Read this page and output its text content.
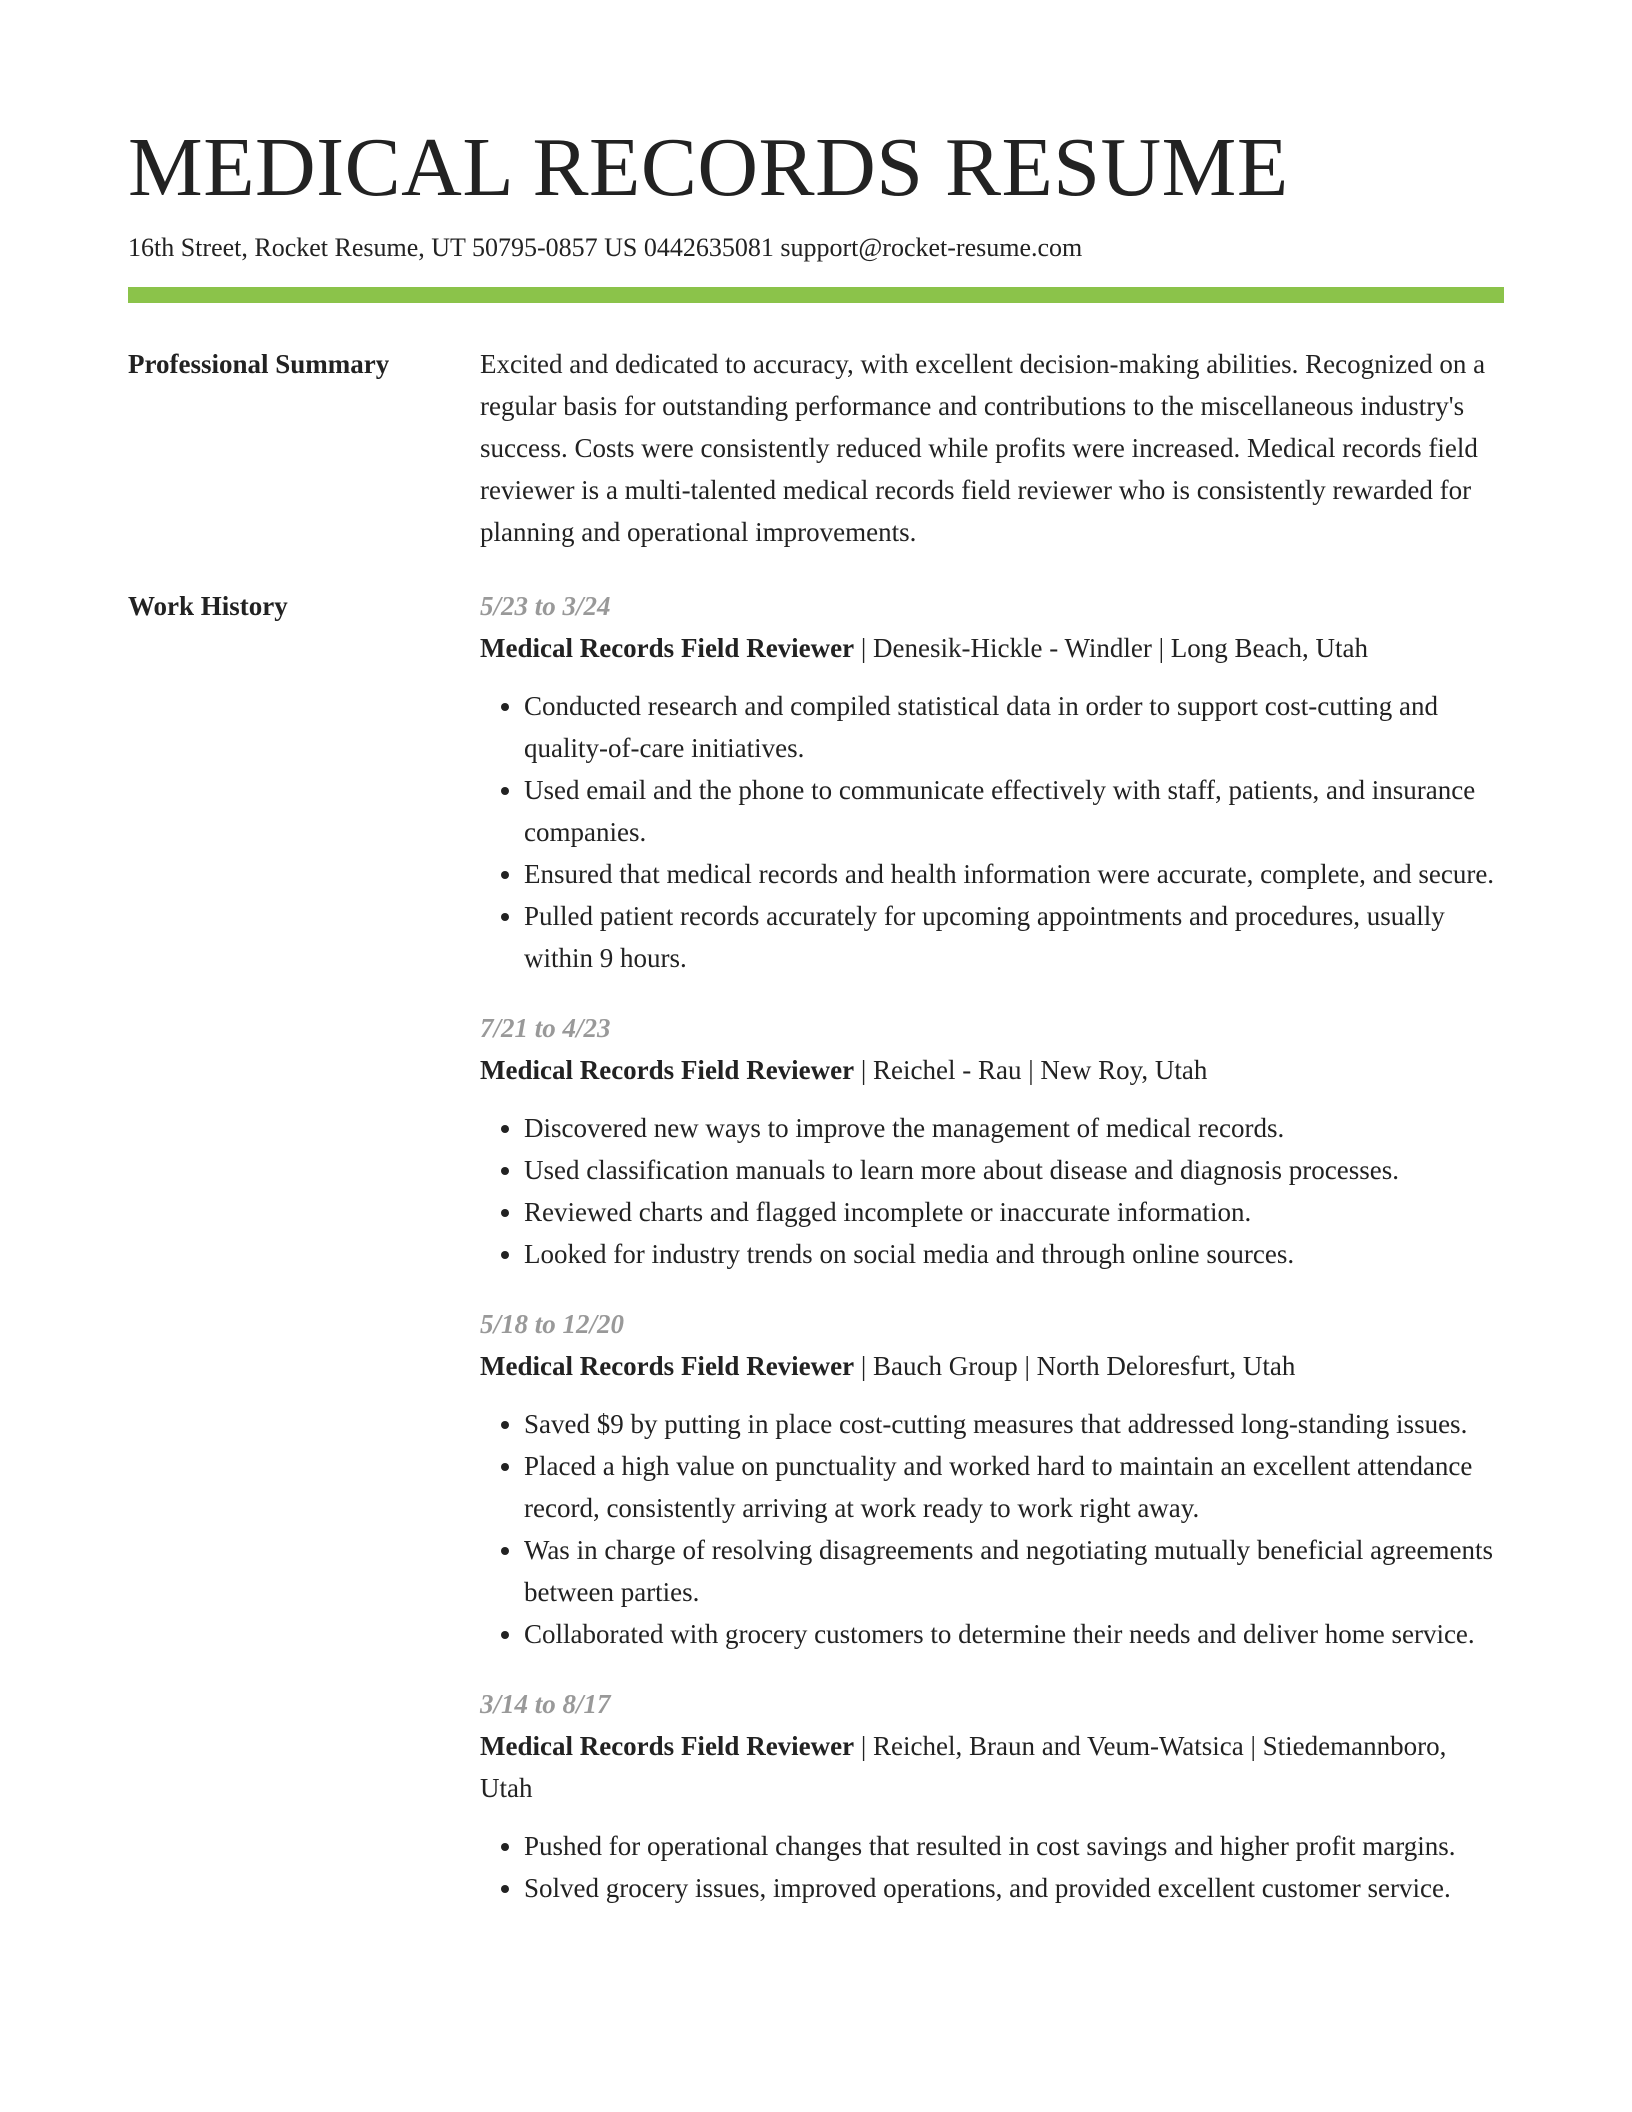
MEDICAL RECORDS RESUME
16th Street, Rocket Resume, UT 50795-0857 US 0442635081 support@rocket-resume.com
Professional Summary	Excited and dedicated to accuracy, with excellent decision-making abilities. Recognized on a regular basis for outstanding performance and contributions to the miscellaneous industry's success. Costs were consistently reduced while profits were increased. Medical records field reviewer is a multi-talented medical records field reviewer who is consistently rewarded for planning and operational improvements.

Work History	5/23 to 3/24
Medical Records Field Reviewer | Denesik-Hickle - Windler | Long Beach, Utah
• Conducted research and compiled statistical data in order to support cost-cutting and quality-of-care initiatives.
• Used email and the phone to communicate effectively with staff, patients, and insurance companies.
• Ensured that medical records and health information were accurate, complete, and secure.
• Pulled patient records accurately for upcoming appointments and procedures, usually within 9 hours.
7/21 to 4/23
Medical Records Field Reviewer | Reichel - Rau | New Roy, Utah
• Discovered new ways to improve the management of medical records.
• Used classification manuals to learn more about disease and diagnosis processes.
• Reviewed charts and flagged incomplete or inaccurate information.
• Looked for industry trends on social media and through online sources.
5/18 to 12/20
Medical Records Field Reviewer | Bauch Group | North Deloresfurt, Utah
• Saved $9 by putting in place cost-cutting measures that addressed long-standing issues.
• Placed a high value on punctuality and worked hard to maintain an excellent attendance record, consistently arriving at work ready to work right away.
• Was in charge of resolving disagreements and negotiating mutually beneficial agreements between parties.
• Collaborated with grocery customers to determine their needs and deliver home service.
3/14 to 8/17
Medical Records Field Reviewer | Reichel, Braun and Veum-Watsica | Stiedemannboro, Utah
• Pushed for operational changes that resulted in cost savings and higher profit margins.
• Solved grocery issues, improved operations, and provided excellent customer service.
